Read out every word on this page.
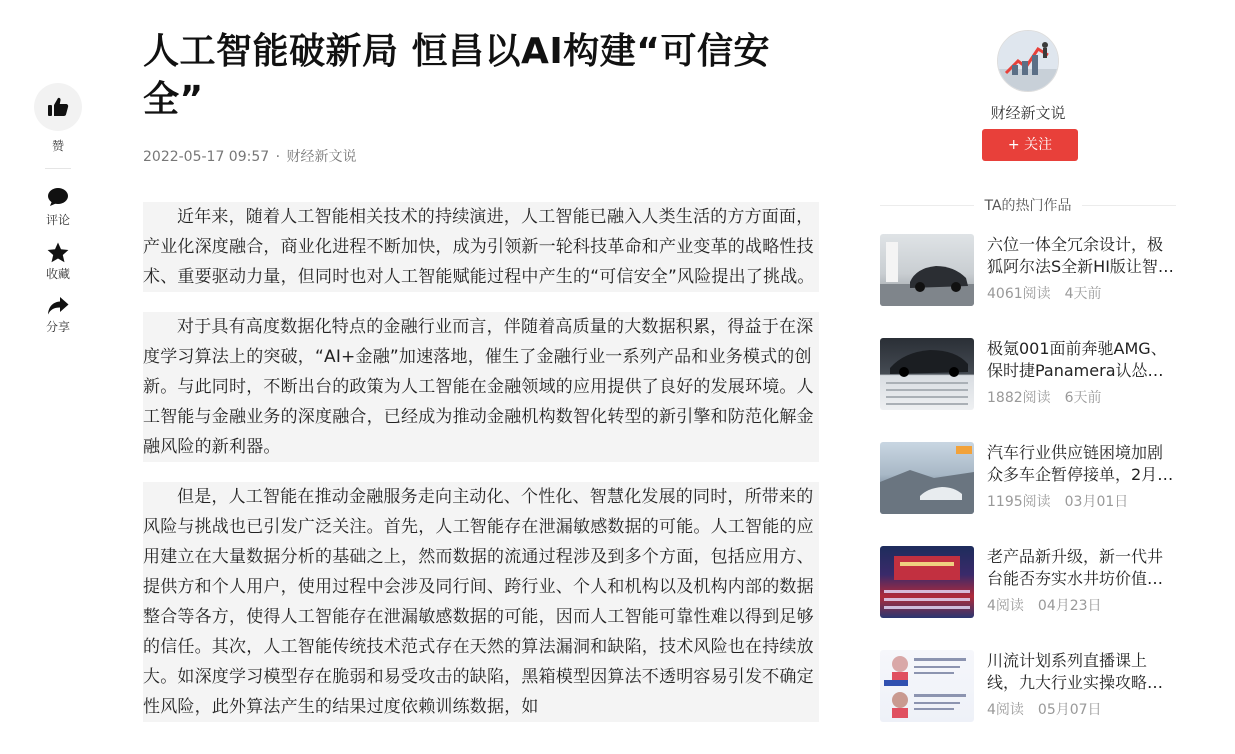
赞
评论
收藏
分享
人工智能破新局 恒昌以AI构建“可信安全”
2022-05-17 09:57 · 财经新文说

近年来，随着人工智能相关技术的持续演进，人工智能已融入人类生活的方方面面，产业化深度融合，商业化进程不断加快，成为引领新一轮科技革命和产业变革的战略性技术、重要驱动力量，但同时也对人工智能赋能过程中产生的“可信安全”风险提出了挑战。

对于具有高度数据化特点的金融行业而言，伴随着高质量的大数据积累，得益于在深度学习算法上的突破，“AI+金融”加速落地，催生了金融行业一系列产品和业务模式的创新。与此同时，不断出台的政策为人工智能在金融领域的应用提供了良好的发展环境。人工智能与金融业务的深度融合，已经成为推动金融机构数智化转型的新引擎和防范化解金融风险的新利器。

但是，人工智能在推动金融服务走向主动化、个性化、智慧化发展的同时，所带来的风险与挑战也已引发广泛关注。首先，人工智能存在泄漏敏感数据的可能。人工智能的应用建立在大量数据分析的基础之上，然而数据的流通过程涉及到多个方面，包括应用方、提供方和个人用户，使用过程中会涉及同行间、跨行业、个人和机构以及机构内部的数据整合等各方，使得人工智能存在泄漏敏感数据的可能，因而人工智能可靠性难以得到足够的信任。其次，人工智能传统技术范式存在天然的算法漏洞和缺陷，技术风险也在持续放大。如深度学习模型存在脆弱和易受攻击的缺陷，黑箱模型因算法不透明容易引发不确定性风险，此外算法产生的结果过度依赖训练数据，如

财经新文说
+ 关注
TA的热门作品
六位一体全冗余设计，极狐阿尔法S全新HI版让智能
4061阅读 4天前
极氪001面前奔驰AMG、保时捷Panamera认怂，
1882阅读 6天前
汽车行业供应链困境加剧众多车企暂停接单，2月新
1195阅读 03月01日
老产品新升级，新一代井台能否夯实水井坊价值基
4阅读 04月23日
川流计划系列直播课上线，九大行业实操攻略等
4阅读 05月07日
